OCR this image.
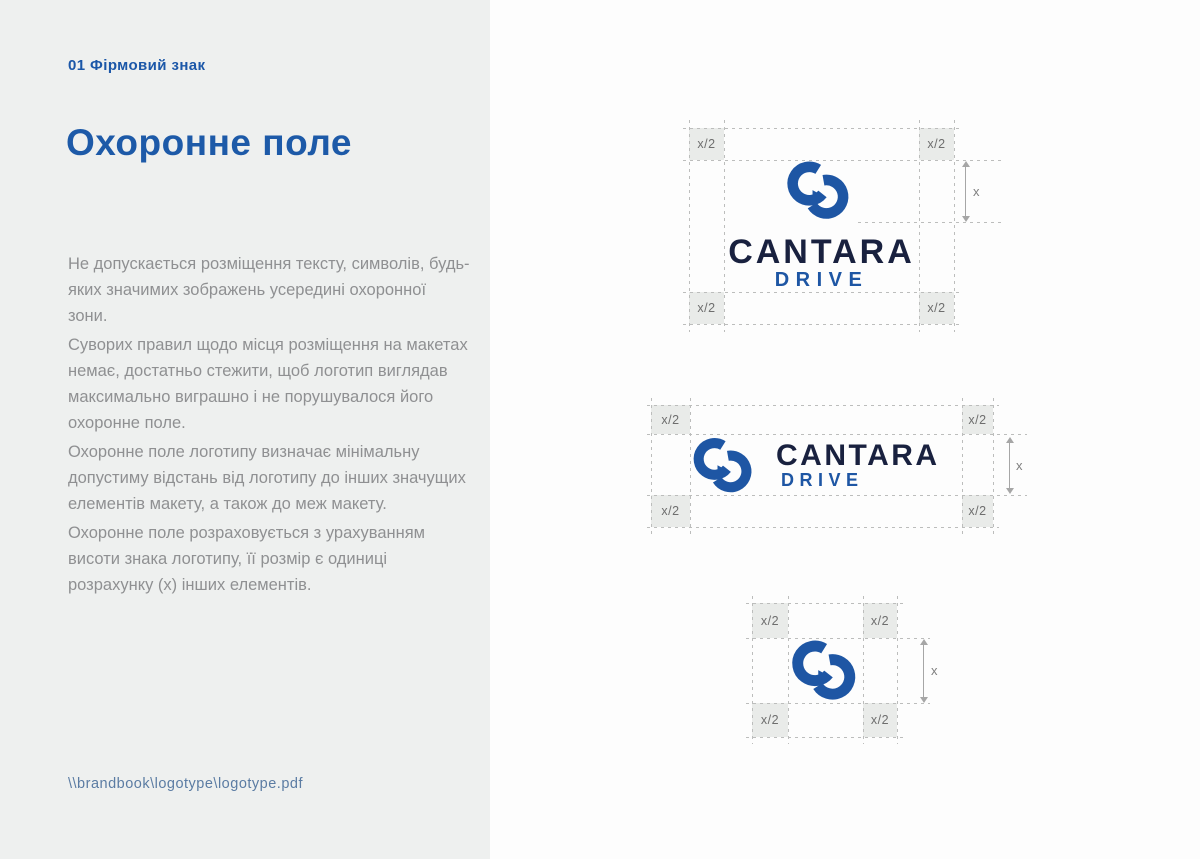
01 Фірмовий знак
Охоронне поле

Не допускається розміщення тексту, символів, будь-яких значимих зображень усередині охоронної зони.

Суворих правил щодо місця розміщення на макетах немає, достатньо стежити, щоб логотип виглядав максимально виграшно і не порушувалося його охоронне поле.

Охоронне поле логотипу визначає мінімальну допустиму відстань від логотипу до інших значущих елементів макету, а також до меж макету.

Охоронне поле розраховується з урахуванням висоти знака логотипу, її розмір є одиниці розрахунку (х) інших елементів.

\\brandbook\logotype\logotype.pdf
x/2	x/2
x/2	x/2
x
CANTARA
DRIVE
x/2	x/2
x/2	x/2
x
CANTARA
DRIVE
x/2	x/2
x/2	x/2
x
